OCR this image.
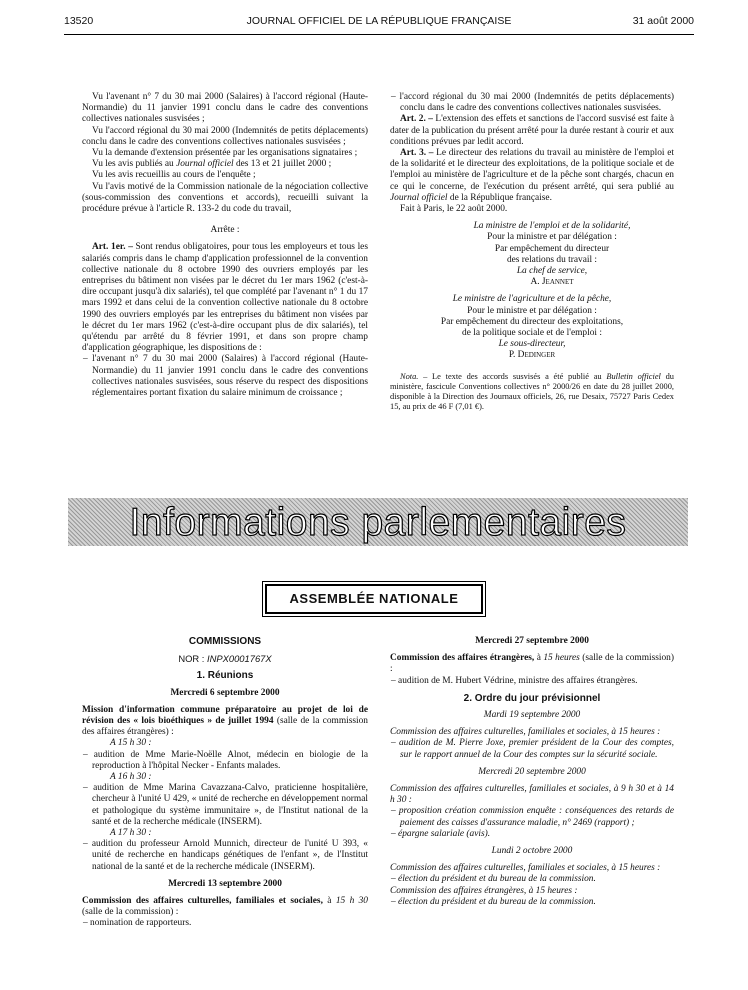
13520	JOURNAL OFFICIEL DE LA RÉPUBLIQUE FRANÇAISE	31 août 2000

Vu l'avenant n° 7 du 30 mai 2000 (Salaires) à l'accord régional (Haute-Normandie) du 11 janvier 1991 conclu dans le cadre des conventions collectives nationales susvisées ;

Vu l'accord régional du 30 mai 2000 (Indemnités de petits déplacements) conclu dans le cadre des conventions collectives nationales susvisées ;

Vu la demande d'extension présentée par les organisations signataires ;

Vu les avis publiés au Journal officiel des 13 et 21 juillet 2000 ;

Vu les avis recueillis au cours de l'enquête ;

Vu l'avis motivé de la Commission nationale de la négociation collective (sous-commission des conventions et accords), recueilli suivant la procédure prévue à l'article R. 133-2 du code du travail,

Arrête :

Art. 1er. – Sont rendus obligatoires, pour tous les employeurs et tous les salariés compris dans le champ d'application professionnel de la convention collective nationale du 8 octobre 1990 des ouvriers employés par les entreprises du bâtiment non visées par le décret du 1er mars 1962 (c'est-à-dire occupant jusqu'à dix salariés), tel que complété par l'avenant n° 1 du 17 mars 1992 et dans celui de la convention collective nationale du 8 octobre 1990 des ouvriers employés par les entreprises du bâtiment non visées par le décret du 1er mars 1962 (c'est-à-dire occupant plus de dix salariés), tel qu'étendu par arrêté du 8 février 1991, et dans son propre champ d'application géographique, les dispositions de :

– l'avenant n° 7 du 30 mai 2000 (Salaires) à l'accord régional (Haute-Normandie) du 11 janvier 1991 conclu dans le cadre des conventions collectives nationales susvisées, sous réserve du respect des dispositions réglementaires portant fixation du salaire minimum de croissance ;

– l'accord régional du 30 mai 2000 (Indemnités de petits déplacements) conclu dans le cadre des conventions collectives nationales susvisées.

Art. 2. – L'extension des effets et sanctions de l'accord susvisé est faite à dater de la publication du présent arrêté pour la durée restant à courir et aux conditions prévues par ledit accord.

Art. 3. – Le directeur des relations du travail au ministère de l'emploi et de la solidarité et le directeur des exploitations, de la politique sociale et de l'emploi au ministère de l'agriculture et de la pêche sont chargés, chacun en ce qui le concerne, de l'exécution du présent arrêté, qui sera publié au Journal officiel de la République française.

Fait à Paris, le 22 août 2000.

La ministre de l'emploi et de la solidarité,

Pour la ministre et par délégation :

Par empêchement du directeur

des relations du travail :

La chef de service,

A. Jeannet

Le ministre de l'agriculture et de la pêche,

Pour le ministre et par délégation :

Par empêchement du directeur des exploitations,

de la politique sociale et de l'emploi :

Le sous-directeur,

P. Dedinger

Nota. – Le texte des accords susvisés a été publié au Bulletin officiel du ministère, fascicule Conventions collectives n° 2000/26 en date du 28 juillet 2000, disponible à la Direction des Journaux officiels, 26, rue Desaix, 75727 Paris Cedex 15, au prix de 46 F (7,01 €).

Informations parlementaires
ASSEMBLÉE NATIONALE

COMMISSIONS

NOR : INPX0001767X

1. Réunions

Mercredi 6 septembre 2000

Mission d'information commune préparatoire au projet de loi de révision des « lois bioéthiques » de juillet 1994 (salle de la commission des affaires étrangères) :

A 15 h 30 :

– audition de Mme Marie-Noëlle Alnot, médecin en biologie de la reproduction à l'hôpital Necker - Enfants malades.

A 16 h 30 :

– audition de Mme Marina Cavazzana-Calvo, praticienne hospitalière, chercheur à l'unité U 429, « unité de recherche en développement normal et pathologique du système immunitaire », de l'Institut national de la santé et de la recherche médicale (INSERM).

A 17 h 30 :

– audition du professeur Arnold Munnich, directeur de l'unité U 393, « unité de recherche en handicaps génétiques de l'enfant », de l'Institut national de la santé et de la recherche médicale (INSERM).

Mercredi 13 septembre 2000

Commission des affaires culturelles, familiales et sociales, à 15 h 30 (salle de la commission) :

– nomination de rapporteurs.

Mercredi 27 septembre 2000

Commission des affaires étrangères, à 15 heures (salle de la commission) :

– audition de M. Hubert Védrine, ministre des affaires étrangères.

2. Ordre du jour prévisionnel

Mardi 19 septembre 2000

Commission des affaires culturelles, familiales et sociales, à 15 heures :

– audition de M. Pierre Joxe, premier président de la Cour des comptes, sur le rapport annuel de la Cour des comptes sur la sécurité sociale.

Mercredi 20 septembre 2000

Commission des affaires culturelles, familiales et sociales, à 9 h 30 et à 14 h 30 :

– proposition création commission enquête : conséquences des retards de paiement des caisses d'assurance maladie, n° 2469 (rapport) ;

– épargne salariale (avis).

Lundi 2 octobre 2000

Commission des affaires culturelles, familiales et sociales, à 15 heures :

– élection du président et du bureau de la commission.

Commission des affaires étrangères, à 15 heures :

– élection du président et du bureau de la commission.
